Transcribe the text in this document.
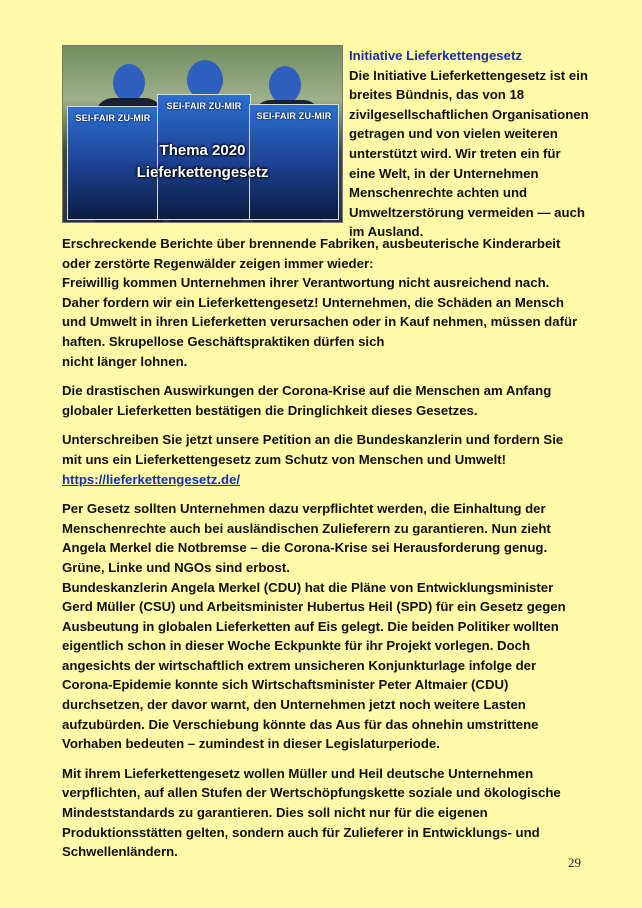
SEI-FAIR ZU-MIR
SEI-FAIR ZU-MIR
SEI-FAIR ZU-MIR
Thema 2020
Lieferkettengesetz
Initiative Lieferkettengesetz
Die Initiative Lieferkettengesetz ist ein breites Bündnis, das von 18 zivilgesellschaftlichen Organisationen getragen und von vielen weiteren unterstützt wird. Wir treten ein für eine Welt, in der Unternehmen Menschenrechte achten und Umweltzerstörung vermeiden — auch im Ausland.
Erschreckende Berichte über brennende Fabriken, ausbeuterische Kinderarbeit oder zerstörte Regenwälder zeigen immer wieder:
Freiwillig kommen Unternehmen ihrer Verantwortung nicht ausreichend nach. Daher fordern wir ein Lieferkettengesetz! Unternehmen, die Schäden an Mensch und Umwelt in ihren Lieferketten verursachen oder in Kauf nehmen, müssen dafür haften. Skrupellose Geschäftspraktiken dürfen sich
nicht länger lohnen.
Die drastischen Auswirkungen der Corona-Krise auf die Menschen am Anfang globaler Lieferketten bestätigen die Dringlichkeit dieses Gesetzes.
Unterschreiben Sie jetzt unsere Petition an die Bundeskanzlerin und fordern Sie mit uns ein Lieferkettengesetz zum Schutz von Menschen und Umwelt!
https://lieferkettengesetz.de/
Per Gesetz sollten Unternehmen dazu verpflichtet werden, die Einhaltung der Menschenrechte auch bei ausländischen Zulieferern zu garantieren. Nun zieht Angela Merkel die Notbremse – die Corona-Krise sei Herausforderung genug. Grüne, Linke und NGOs sind erbost.
Bundeskanzlerin Angela Merkel (CDU) hat die Pläne von Entwicklungsminister Gerd Müller (CSU) und Arbeitsminister Hubertus Heil (SPD) für ein Gesetz gegen Ausbeutung in globalen Lieferketten auf Eis gelegt. Die beiden Politiker wollten eigentlich schon in dieser Woche Eckpunkte für ihr Projekt vorlegen. Doch angesichts der wirtschaftlich extrem unsicheren Konjunkturlage infolge der Corona-Epidemie konnte sich Wirtschaftsminister Peter Altmaier (CDU) durchsetzen, der davor warnt, den Unternehmen jetzt noch weitere Lasten aufzubürden. Die Verschiebung könnte das Aus für das ohnehin umstrittene Vorhaben bedeuten – zumindest in dieser Legislaturperiode.
Mit ihrem Lieferkettengesetz wollen Müller und Heil deutsche Unternehmen verpflichten, auf allen Stufen der Wertschöpfungskette soziale und ökologische Mindeststandards zu garantieren. Dies soll nicht nur für die eigenen Produktionsstätten gelten, sondern auch für Zulieferer in Entwicklungs- und Schwellenländern.
29
